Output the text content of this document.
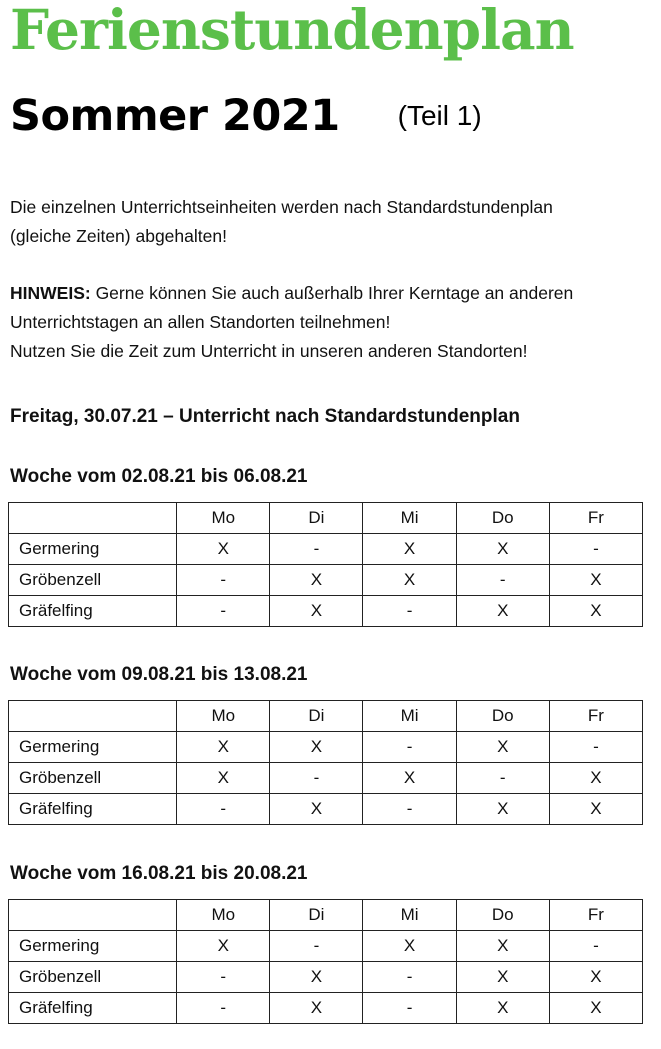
Ferienstundenplan
Sommer 2021 (Teil 1)

Die einzelnen Unterrichtseinheiten werden nach Standardstundenplan

(gleiche Zeiten) abgehalten!

HINWEIS: Gerne können Sie auch außerhalb Ihrer Kerntage an anderen

Unterrichtstagen an allen Standorten teilnehmen!

Nutzen Sie die Zeit zum Unterricht in unseren anderen Standorten!

Freitag, 30.07.21 – Unterricht nach Standardstundenplan
Woche vom 02.08.21 bis 06.08.21
	Mo	Di	Mi	Do	Fr
Germering	X	-	X	X	-
Gröbenzell	-	X	X	-	X
Gräfelfing	-	X	-	X	X
Woche vom 09.08.21 bis 13.08.21
	Mo	Di	Mi	Do	Fr
Germering	X	X	-	X	-
Gröbenzell	X	-	X	-	X
Gräfelfing	-	X	-	X	X
Woche vom 16.08.21 bis 20.08.21
	Mo	Di	Mi	Do	Fr
Germering	X	-	X	X	-
Gröbenzell	-	X	-	X	X
Gräfelfing	-	X	-	X	X
